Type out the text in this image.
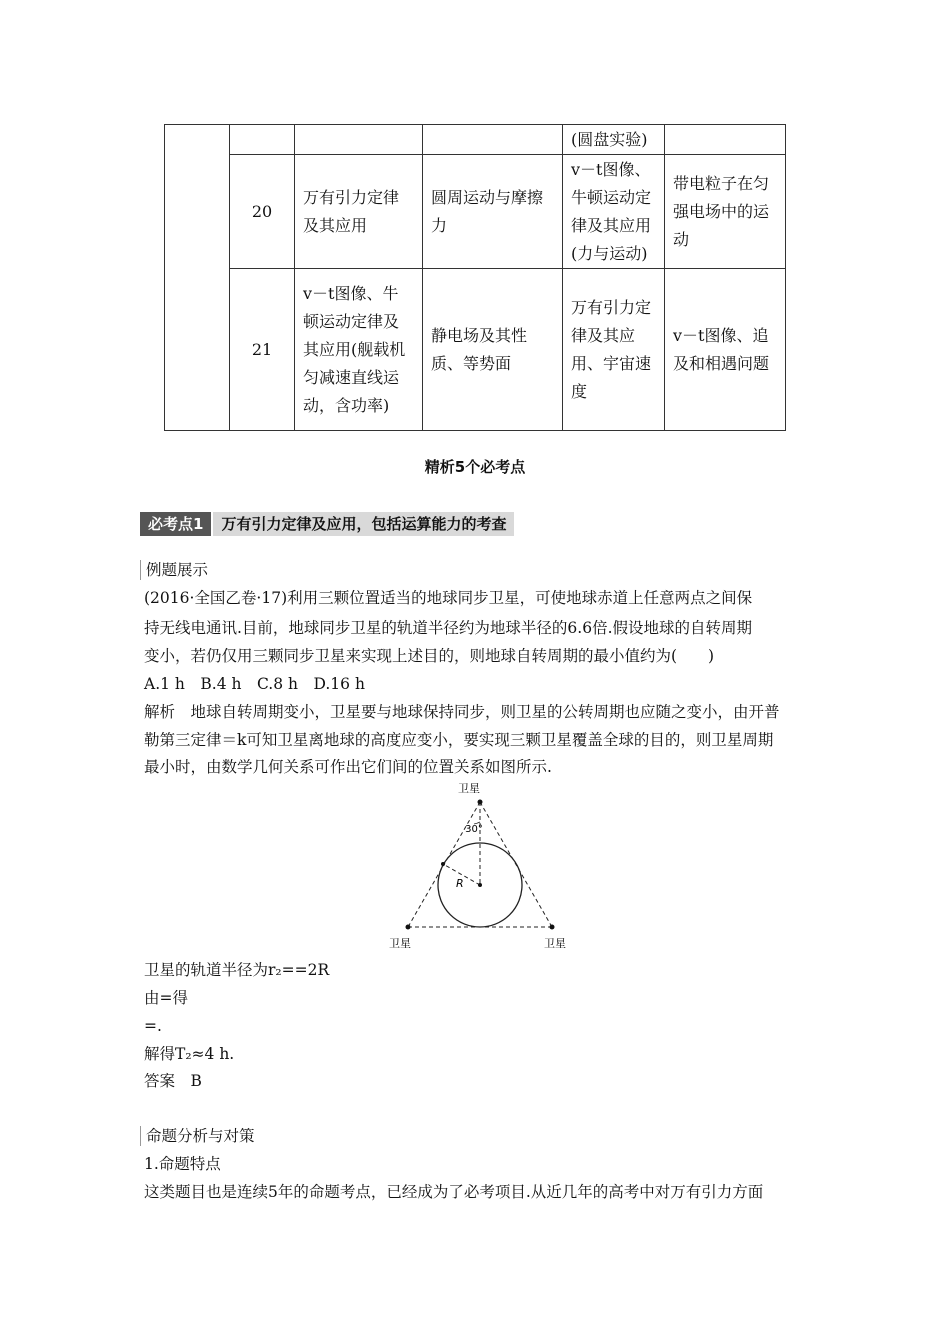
				(圆盘实验)	
	20	万有引力定律及其应用	圆周运动与摩擦力	v－t图像、牛顿运动定律及其应用(力与运动)	带电粒子在匀强电场中的运动
	21	v－t图像、牛顿运动定律及其应用(舰载机匀减速直线运动，含功率)	静电场及其性质、等势面	万有引力定律及其应用、宇宙速度	v－t图像、追及和相遇问题
精析5个必考点
必考点1	万有引力定律及应用，包括运算能力的考查
例题展示
(2016·全国乙卷·17)利用三颗位置适当的地球同步卫星，可使地球赤道上任意两点之间保
持无线电通讯.目前，地球同步卫星的轨道半径约为地球半径的6.6倍.假设地球的自转周期
变小，若仍仅用三颗同步卫星来实现上述目的，则地球自转周期的最小值约为(　　)
A.1 h　B.4 h　C.8 h　D.16 h
解析　地球自转周期变小，卫星要与地球保持同步，则卫星的公转周期也应随之变小，由开普
勒第三定律＝k可知卫星离地球的高度应变小，要实现三颗卫星覆盖全球的目的，则卫星周期
最小时，由数学几何关系可作出它们间的位置关系如图所示.
卫星
卫星	卫星
30°
R
卫星的轨道半径为r₂==2R
由=得
=.
解得T₂≈4 h.
答案　B
命题分析与对策
1.命题特点
这类题目也是连续5年的命题考点，已经成为了必考项目.从近几年的高考中对万有引力方面
